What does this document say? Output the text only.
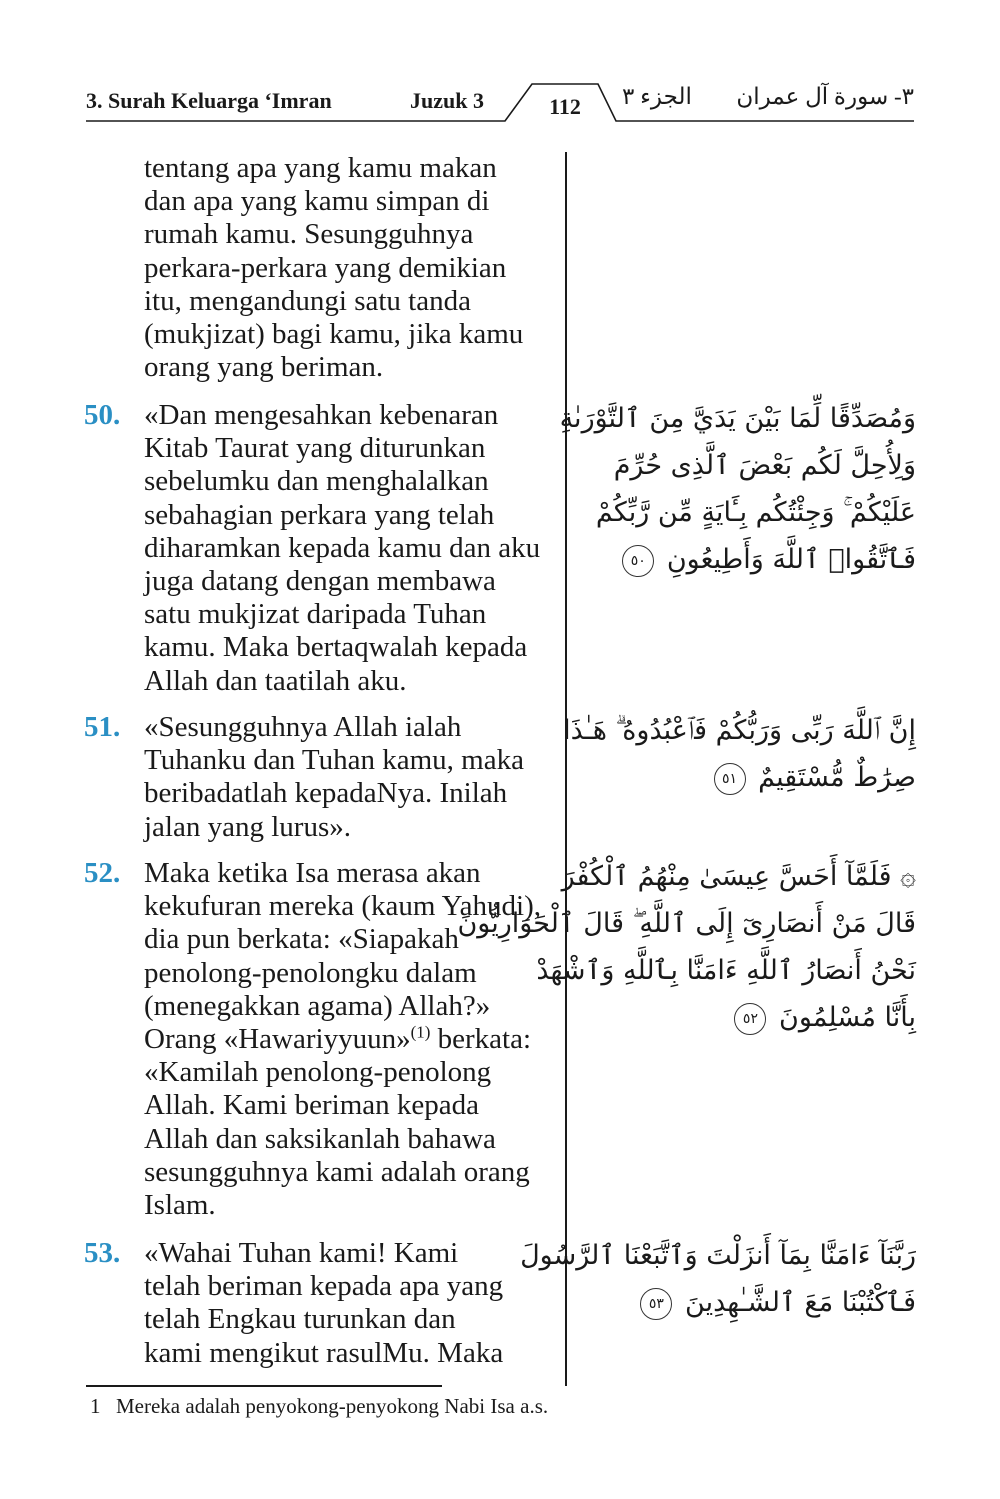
3. Surah Keluarga ‘Imran	Juzuk 3	112	الجزء ٣ ٣- سورة آل عمران
tentang apa yang kamu makan
dan apa yang kamu simpan di
rumah kamu. Sesungguhnya
perkara-perkara yang demikian
itu, mengandungi satu tanda
(mukjizat) bagi kamu, jika kamu
orang yang beriman.
50. «Dan mengesahkan kebenaran
Kitab Taurat yang diturunkan
sebelumku dan menghalalkan
sebahagian perkara yang telah
diharamkan kepada kamu dan aku
juga datang dengan membawa
satu mukjizat daripada Tuhan
kamu. Maka bertaqwalah kepada
Allah dan taatilah aku.
وَمُصَدِّقًا لِّمَا بَيْنَ يَدَيَّ مِنَ ٱلتَّوْرَىٰةِ
وَلِأُحِلَّ لَكُم بَعْضَ ٱلَّذِى حُرِّمَ
عَلَيْكُمْ ۚ وَجِئْتُكُم بِـَٔايَةٍ مِّن رَّبِّكُمْ
فَٱتَّقُوا۟ ٱللَّهَ وَأَطِيعُونِ ٥٠
51. «Sesungguhnya Allah ialah
Tuhanku dan Tuhan kamu, maka
beribadatlah kepadaNya. Inilah
jalan yang lurus».
إِنَّ ٱللَّهَ رَبِّى وَرَبُّكُمْ فَٱعْبُدُوهُ ۗ هَـٰذَا
صِرَٰطٌ مُّسْتَقِيمٌ ٥١
52. Maka ketika Isa merasa akan
kekufuran mereka (kaum Yahudi),
dia pun berkata: «Siapakah
penolong-penolongku dalam
(menegakkan agama) Allah?»
Orang «Hawariyyuun»$^{(1)}$ berkata:
«Kamilah penolong-penolong
Allah. Kami beriman kepada
Allah dan saksikanlah bahawa
sesungguhnya kami adalah orang
Islam.
۞ فَلَمَّآ أَحَسَّ عِيسَىٰ مِنْهُمُ ٱلْكُفْرَ
قَالَ مَنْ أَنصَارِىٓ إِلَى ٱللَّهِ ۖ قَالَ ٱلْحَوَارِيُّونَ
نَحْنُ أَنصَارُ ٱللَّهِ ءَامَنَّا بِٱللَّهِ وَٱشْهَدْ
بِأَنَّا مُسْلِمُونَ ٥٢
53. «Wahai Tuhan kami! Kami
telah beriman kepada apa yang
telah Engkau turunkan dan
kami mengikut rasulMu. Maka
رَبَّنَآ ءَامَنَّا بِمَآ أَنزَلْتَ وَٱتَّبَعْنَا ٱلرَّسُولَ
فَٱكْتُبْنَا مَعَ ٱلشَّـٰهِدِينَ ٥٣
1 Mereka adalah penyokong-penyokong Nabi Isa a.s.
